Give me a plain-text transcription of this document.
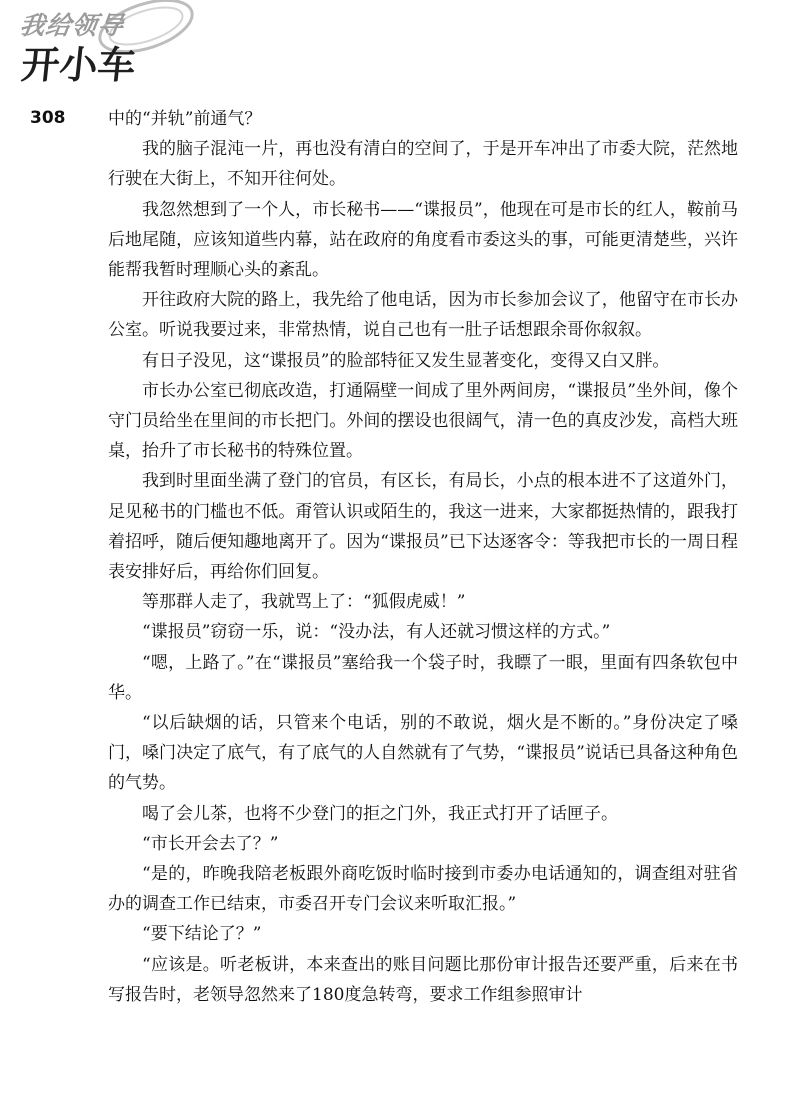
我给领导
开小车
308	中的“并轨”前通气？

我的脑子混沌一片，再也没有清白的空间了，于是开车冲出了市委大院，茫然地行驶在大街上，不知开往何处。

我忽然想到了一个人，市长秘书——“谍报员”，他现在可是市长的红人，鞍前马后地尾随，应该知道些内幕，站在政府的角度看市委这头的事，可能更清楚些，兴许能帮我暂时理顺心头的紊乱。

开往政府大院的路上，我先给了他电话，因为市长参加会议了，他留守在市长办公室。听说我要过来，非常热情，说自己也有一肚子话想跟余哥你叙叙。

有日子没见，这“谍报员”的脸部特征又发生显著变化，变得又白又胖。

市长办公室已彻底改造，打通隔壁一间成了里外两间房，“谍报员”坐外间，像个守门员给坐在里间的市长把门。外间的摆设也很阔气，清一色的真皮沙发，高档大班桌，抬升了市长秘书的特殊位置。

我到时里面坐满了登门的官员，有区长，有局长，小点的根本进不了这道外门，足见秘书的门槛也不低。甭管认识或陌生的，我这一进来，大家都挺热情的，跟我打着招呼，随后便知趣地离开了。因为“谍报员”已下达逐客令：等我把市长的一周日程表安排好后，再给你们回复。

等那群人走了，我就骂上了：“狐假虎威！”

“谍报员”窃窃一乐，说：“没办法，有人还就习惯这样的方式。”

“嗯，上路了。”在“谍报员”塞给我一个袋子时，我瞟了一眼，里面有四条软包中华。

“以后缺烟的话，只管来个电话，别的不敢说，烟火是不断的。”身份决定了嗓门，嗓门决定了底气，有了底气的人自然就有了气势，“谍报员”说话已具备这种角色的气势。

喝了会儿茶，也将不少登门的拒之门外，我正式打开了话匣子。

“市长开会去了？”

“是的，昨晚我陪老板跟外商吃饭时临时接到市委办电话通知的，调查组对驻省办的调查工作已结束，市委召开专门会议来听取汇报。”

“要下结论了？”

“应该是。听老板讲，本来查出的账目问题比那份审计报告还要严重，后来在书写报告时，老领导忽然来了180度急转弯，要求工作组参照审计
